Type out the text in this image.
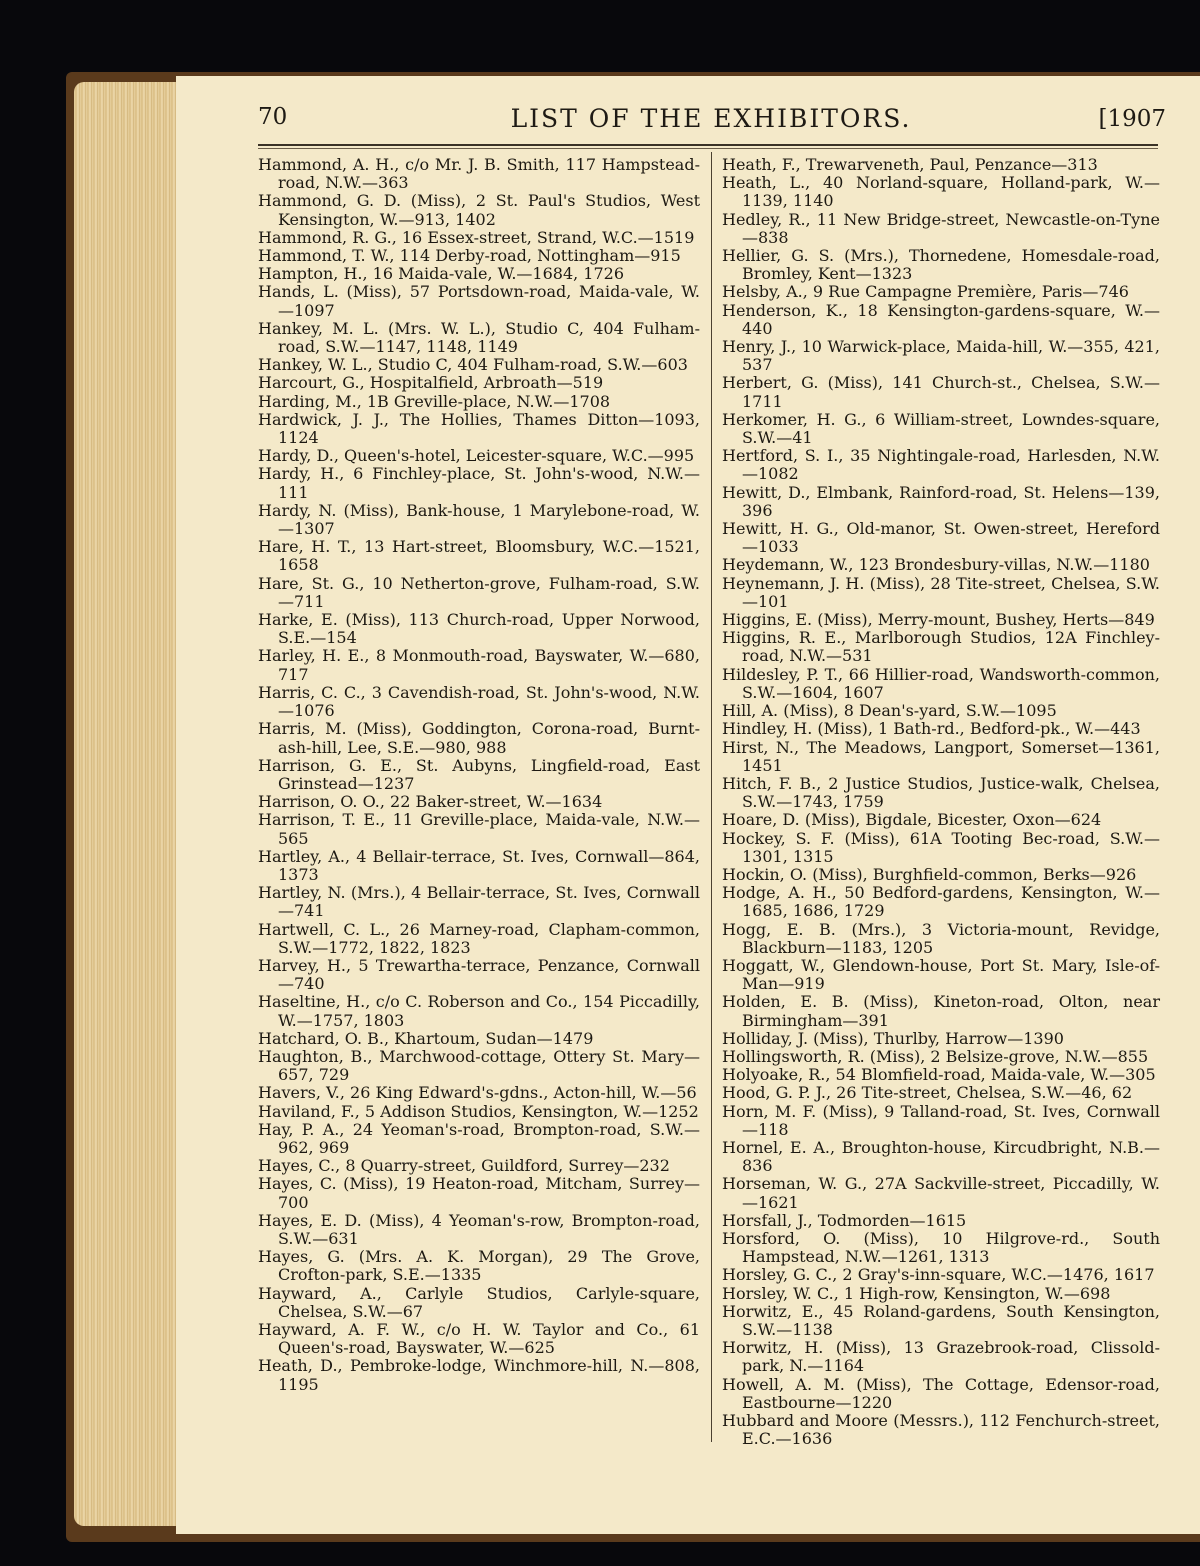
70	LIST OF THE EXHIBITORS.	[1907
Hammond, A. H., c/o Mr. J. B. Smith, 117 Hampstead-road, N.W.—363
Hammond, G. D. (Miss), 2 St. Paul's Studios, West Kensington, W.—913, 1402
Hammond, R. G., 16 Essex-street, Strand, W.C.—1519
Hammond, T. W., 114 Derby-road, Nottingham—915
Hampton, H., 16 Maida-vale, W.—1684, 1726
Hands, L. (Miss), 57 Portsdown-road, Maida-vale, W. —1097
Hankey, M. L. (Mrs. W. L.), Studio C, 404 Fulham-road, S.W.—1147, 1148, 1149
Hankey, W. L., Studio C, 404 Fulham-road, S.W.—603
Harcourt, G., Hospitalfield, Arbroath—519
Harding, M., 1B Greville-place, N.W.—1708
Hardwick, J. J., The Hollies, Thames Ditton—1093, 1124
Hardy, D., Queen's-hotel, Leicester-square, W.C.—995
Hardy, H., 6 Finchley-place, St. John's-wood, N.W.—111
Hardy, N. (Miss), Bank-house, 1 Marylebone-road, W. —1307
Hare, H. T., 13 Hart-street, Bloomsbury, W.C.—1521, 1658
Hare, St. G., 10 Netherton-grove, Fulham-road, S.W. —711
Harke, E. (Miss), 113 Church-road, Upper Norwood, S.E.—154
Harley, H. E., 8 Monmouth-road, Bayswater, W.—680, 717
Harris, C. C., 3 Cavendish-road, St. John's-wood, N.W. —1076
Harris, M. (Miss), Goddington, Corona-road, Burnt-ash-hill, Lee, S.E.—980, 988
Harrison, G. E., St. Aubyns, Lingfield-road, East Grinstead—1237
Harrison, O. O., 22 Baker-street, W.—1634
Harrison, T. E., 11 Greville-place, Maida-vale, N.W.—565
Hartley, A., 4 Bellair-terrace, St. Ives, Cornwall—864, 1373
Hartley, N. (Mrs.), 4 Bellair-terrace, St. Ives, Cornwall—741
Hartwell, C. L., 26 Marney-road, Clapham-common, S.W.—1772, 1822, 1823
Harvey, H., 5 Trewartha-terrace, Penzance, Cornwall —740
Haseltine, H., c/o C. Roberson and Co., 154 Piccadilly, W.—1757, 1803
Hatchard, O. B., Khartoum, Sudan—1479
Haughton, B., Marchwood-cottage, Ottery St. Mary—657, 729
Havers, V., 26 King Edward's-gdns., Acton-hill, W.—56
Haviland, F., 5 Addison Studios, Kensington, W.—1252
Hay, P. A., 24 Yeoman's-road, Brompton-road, S.W.—962, 969
Hayes, C., 8 Quarry-street, Guildford, Surrey—232
Hayes, C. (Miss), 19 Heaton-road, Mitcham, Surrey—700
Hayes, E. D. (Miss), 4 Yeoman's-row, Brompton-road, S.W.—631
Hayes, G. (Mrs. A. K. Morgan), 29 The Grove, Crofton-park, S.E.—1335
Hayward, A., Carlyle Studios, Carlyle-square, Chelsea, S.W.—67
Hayward, A. F. W., c/o H. W. Taylor and Co., 61 Queen's-road, Bayswater, W.—625
Heath, D., Pembroke-lodge, Winchmore-hill, N.—808, 1195
Heath, F., Trewarveneth, Paul, Penzance—313
Heath, L., 40 Norland-square, Holland-park, W.—1139, 1140
Hedley, R., 11 New Bridge-street, Newcastle-on-Tyne —838
Hellier, G. S. (Mrs.), Thornedene, Homesdale-road, Bromley, Kent—1323
Helsby, A., 9 Rue Campagne Première, Paris—746
Henderson, K., 18 Kensington-gardens-square, W.—440
Henry, J., 10 Warwick-place, Maida-hill, W.—355, 421, 537
Herbert, G. (Miss), 141 Church-st., Chelsea, S.W.—1711
Herkomer, H. G., 6 William-street, Lowndes-square, S.W.—41
Hertford, S. I., 35 Nightingale-road, Harlesden, N.W. —1082
Hewitt, D., Elmbank, Rainford-road, St. Helens—139, 396
Hewitt, H. G., Old-manor, St. Owen-street, Hereford—1033
Heydemann, W., 123 Brondesbury-villas, N.W.—1180
Heynemann, J. H. (Miss), 28 Tite-street, Chelsea, S.W. —101
Higgins, E. (Miss), Merry-mount, Bushey, Herts—849
Higgins, R. E., Marlborough Studios, 12A Finchley-road, N.W.—531
Hildesley, P. T., 66 Hillier-road, Wandsworth-common, S.W.—1604, 1607
Hill, A. (Miss), 8 Dean's-yard, S.W.—1095
Hindley, H. (Miss), 1 Bath-rd., Bedford-pk., W.—443
Hirst, N., The Meadows, Langport, Somerset—1361, 1451
Hitch, F. B., 2 Justice Studios, Justice-walk, Chelsea, S.W.—1743, 1759
Hoare, D. (Miss), Bigdale, Bicester, Oxon—624
Hockey, S. F. (Miss), 61A Tooting Bec-road, S.W.—1301, 1315
Hockin, O. (Miss), Burghfield-common, Berks—926
Hodge, A. H., 50 Bedford-gardens, Kensington, W.—1685, 1686, 1729
Hogg, E. B. (Mrs.), 3 Victoria-mount, Revidge, Blackburn—1183, 1205
Hoggatt, W., Glendown-house, Port St. Mary, Isle-of-Man—919
Holden, E. B. (Miss), Kineton-road, Olton, near Birmingham—391
Holliday, J. (Miss), Thurlby, Harrow—1390
Hollingsworth, R. (Miss), 2 Belsize-grove, N.W.—855
Holyoake, R., 54 Blomfield-road, Maida-vale, W.—305
Hood, G. P. J., 26 Tite-street, Chelsea, S.W.—46, 62
Horn, M. F. (Miss), 9 Talland-road, St. Ives, Cornwall—118
Hornel, E. A., Broughton-house, Kircudbright, N.B.—836
Horseman, W. G., 27A Sackville-street, Piccadilly, W.—1621
Horsfall, J., Todmorden—1615
Horsford, O. (Miss), 10 Hilgrove-rd., South Hampstead, N.W.—1261, 1313
Horsley, G. C., 2 Gray's-inn-square, W.C.—1476, 1617
Horsley, W. C., 1 High-row, Kensington, W.—698
Horwitz, E., 45 Roland-gardens, South Kensington, S.W.—1138
Horwitz, H. (Miss), 13 Grazebrook-road, Clissold-park, N.—1164
Howell, A. M. (Miss), The Cottage, Edensor-road, Eastbourne—1220
Hubbard and Moore (Messrs.), 112 Fenchurch-street, E.C.—1636
